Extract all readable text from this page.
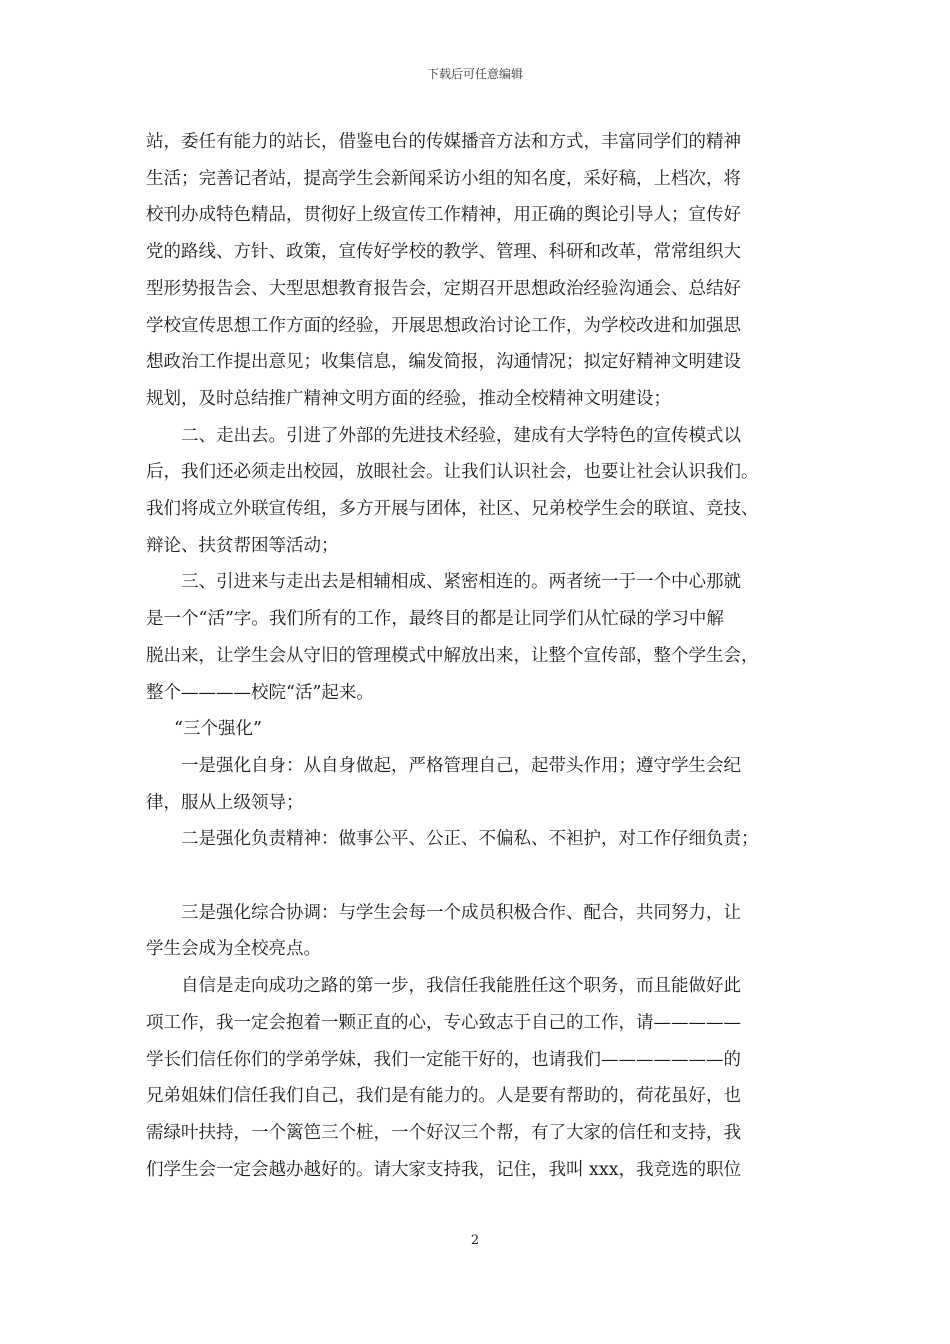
下载后可任意编辑

站，委任有能力的站长，借鉴电台的传媒播音方法和方式，丰富同学们的精神
生活；完善记者站，提高学生会新闻采访小组的知名度，采好稿，上档次，将
校刊办成特色精品，贯彻好上级宣传工作精神，用正确的舆论引导人；宣传好
党的路线、方针、政策，宣传好学校的教学、管理、科研和改革，常常组织大
型形势报告会、大型思想教育报告会，定期召开思想政治经验沟通会、总结好
学校宣传思想工作方面的经验，开展思想政治讨论工作，为学校改进和加强思
想政治工作提出意见；收集信息，编发简报，沟通情况；拟定好精神文明建设
规划，及时总结推广精神文明方面的经验，推动全校精神文明建设；

二、走出去。引进了外部的先进技术经验，建成有大学特色的宣传模式以
后，我们还必须走出校园，放眼社会。让我们认识社会，也要让社会认识我们。
我们将成立外联宣传组，多方开展与团体，社区、兄弟校学生会的联谊、竞技、
辩论、扶贫帮困等活动；

三、引进来与走出去是相辅相成、紧密相连的。两者统一于一个中心那就
是一个“活”字。我们所有的工作，最终目的都是让同学们从忙碌的学习中解
脱出来，让学生会从守旧的管理模式中解放出来，让整个宣传部，整个学生会，
整个————校院“活”起来。

“三个强化”

一是强化自身：从自身做起，严格管理自己，起带头作用；遵守学生会纪
律，服从上级领导；

二是强化负责精神：做事公平、公正、不偏私、不袒护，对工作仔细负责；

三是强化综合协调：与学生会每一个成员积极合作、配合，共同努力，让
学生会成为全校亮点。

自信是走向成功之路的第一步，我信任我能胜任这个职务，而且能做好此
项工作，我一定会抱着一颗正直的心，专心致志于自己的工作，请—————
学长们信任你们的学弟学妹，我们一定能干好的，也请我们———————的
兄弟姐妹们信任我们自己，我们是有能力的。人是要有帮助的，荷花虽好，也
需绿叶扶持，一个篱笆三个桩，一个好汉三个帮，有了大家的信任和支持，我
们学生会一定会越办越好的。请大家支持我，记住，我叫 xxx，我竞选的职位

2
